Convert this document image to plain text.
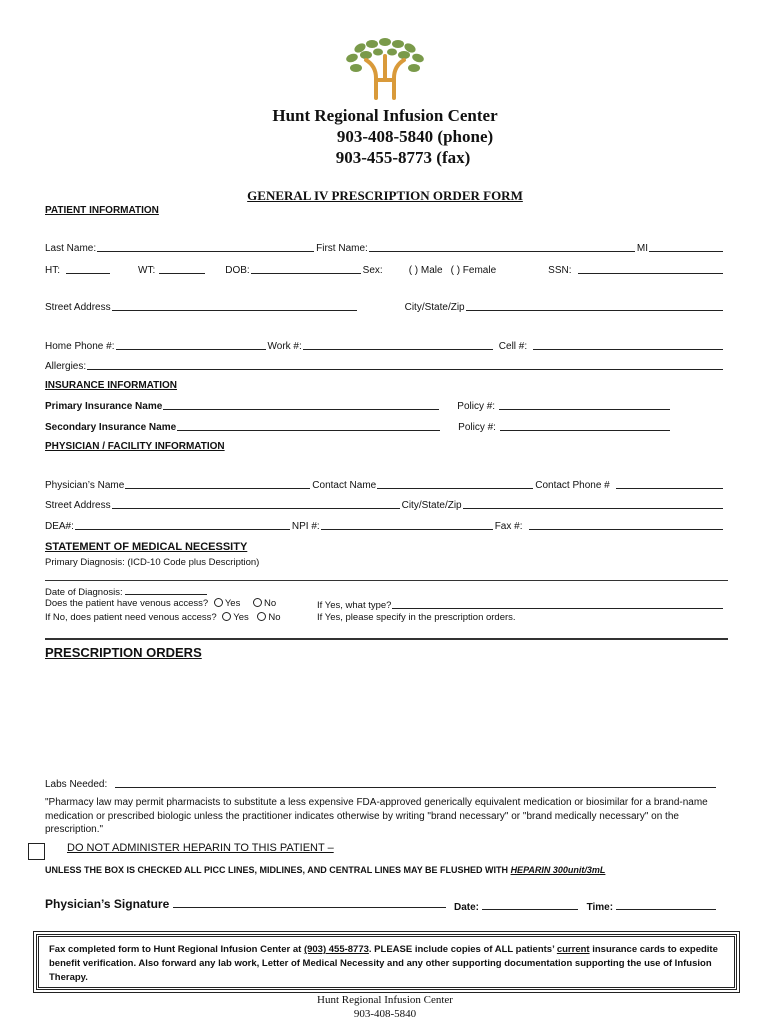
Hunt Regional Infusion Center
903-408-5840 (phone)
903-455-8773 (fax)
GENERAL IV PRESCRIPTION ORDER FORM
PATIENT INFORMATION
Last Name:	First Name:	MI
HT:	WT:	DOB:	Sex:	( ) Male ( ) Female	SSN:
Street Address	City/State/Zip
Home Phone #:	Work #:	Cell #:
Allergies:
INSURANCE INFORMATION
Primary Insurance Name	Policy #:
Secondary Insurance Name	Policy #:
PHYSICIAN / FACILITY INFORMATION
Physician’s Name	Contact Name	Contact Phone #
Street Address	City/State/Zip
DEA#:	NPI #:	Fax #:
STATEMENT OF MEDICAL NECESSITY
Primary Diagnosis: (ICD-10 Code plus Description)
Date of Diagnosis:
Does the patient have venous access? Yes No
If No, does patient need venous access? Yes No
If Yes, what type?
If Yes, please specify in the prescription orders.
PRESCRIPTION ORDERS
Labs Needed:
"Pharmacy law may permit pharmacists to substitute a less expensive FDA-approved generically equivalent medication or biosimilar for a brand-name medication or prescribed biologic unless the practitioner indicates otherwise by writing "brand necessary" or "brand medically necessary" on the prescription."
DO NOT ADMINISTER HEPARIN TO THIS PATIENT –
UNLESS THE BOX IS CHECKED ALL PICC LINES, MIDLINES, AND CENTRAL LINES MAY BE FLUSHED WITH HEPARIN 300unit/3mL
Physician’s Signature	Date:	Time:
Fax completed form to Hunt Regional Infusion Center at (903) 455-8773. PLEASE include copies of ALL patients’ current insurance cards to expedite benefit verification. Also forward any lab work, Letter of Medical Necessity and any other supporting documentation supporting the use of Infusion Therapy.
Hunt Regional Infusion Center
903-408-5840
